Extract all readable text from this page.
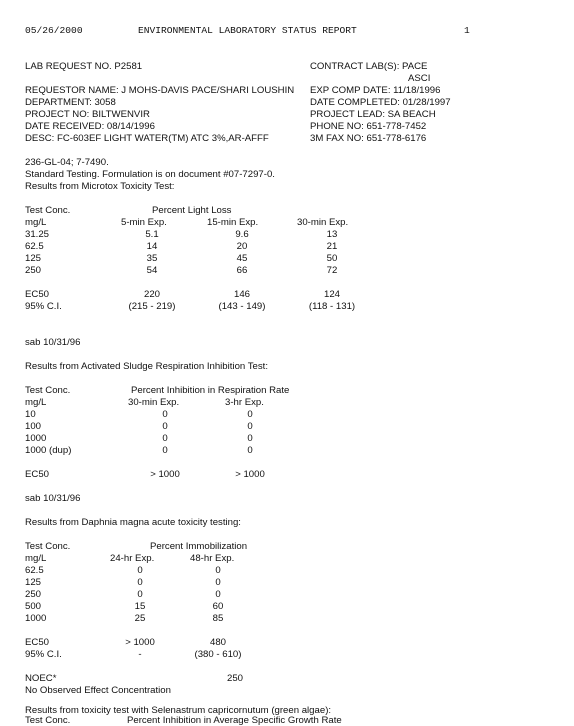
05/26/2000	ENVIRONMENTAL LABORATORY STATUS REPORT	1
LAB REQUEST NO. P2581
REQUESTOR NAME: J MOHS-DAVIS PACE/SHARI LOUSHIN
DEPARTMENT: 3058
PROJECT NO: BILTWENVIR
DATE RECEIVED: 08/14/1996
DESC: FC-603EF LIGHT WATER(TM) ATC 3%,AR-AFFF
CONTRACT LAB(S): PACE
ASCI
EXP COMP DATE: 11/18/1996
DATE COMPLETED: 01/28/1997
PROJECT LEAD: SA BEACH
PHONE NO: 651-778-7452
3M FAX NO: 651-778-6176
236-GL-04; 7-7490.
Standard Testing. Formulation is on document #07-7297-0.
Results from Microtox Toxicity Test:
Test Conc.	Percent Light Loss
mg/L	5-min Exp.	15-min Exp.	30-min Exp.
31.25	5.1	9.6	13
62.5	14	20	21
125	35	45	50
250	54	66	72
EC50	220	146	124
95% C.I.	(215 - 219)	(143 - 149)	(118 - 131)
sab 10/31/96
Results from Activated Sludge Respiration Inhibition Test:
Test Conc.	Percent Inhibition in Respiration Rate
mg/L	30-min Exp.	3-hr Exp.
10	0	0
100	0	0
1000	0	0
1000 (dup)	0	0
EC50	> 1000	> 1000
sab 10/31/96
Results from Daphnia magna acute toxicity testing:
Test Conc.	Percent Immobilization
mg/L	24-hr Exp.	48-hr Exp.
62.5	0	0
125	0	0
250	0	0
500	15	60
1000	25	85
EC50	> 1000	480
95% C.I.	-	(380 - 610)
NOEC*	250
No Observed Effect Concentration
Results from toxicity test with Selenastrum capricornutum (green algae):
Test Conc.	Percent Inhibition in Average Specific Growth Rate
